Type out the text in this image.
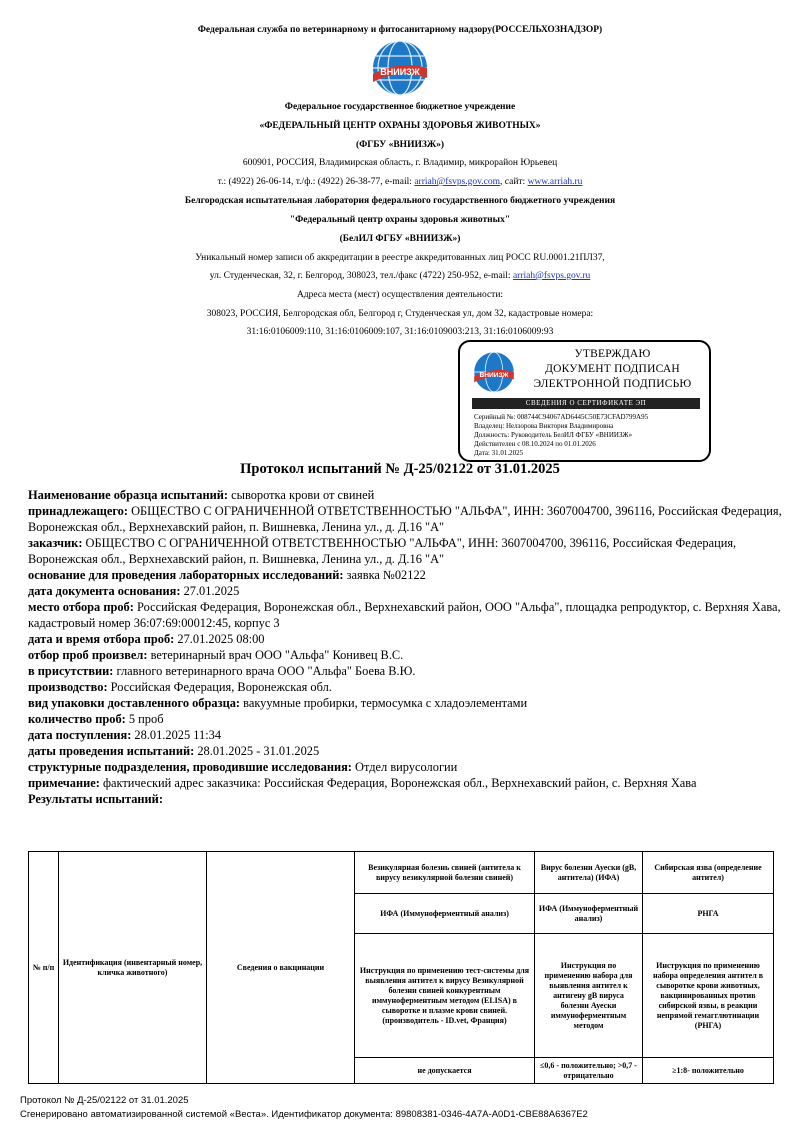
Федеральная служба по ветеринарному и фитосанитарному надзору(РОССЕЛЬХОЗНАДЗОР)
ВНИИЗЖ
Федеральное государственное бюджетное учреждение
«ФЕДЕРАЛЬНЫЙ ЦЕНТР ОХРАНЫ ЗДОРОВЬЯ ЖИВОТНЫХ»
(ФГБУ «ВНИИЗЖ»)
600901, РОССИЯ, Владимирская область, г. Владимир, микрорайон Юрьевец
т.: (4922) 26-06-14, т./ф.: (4922) 26-38-77, e-mail: arriah@fsvps.gov.com, сайт: www.arriah.ru
Белгородская испытательная лаборатория федерального государственного бюджетного учреждения
"Федеральный центр охраны здоровья животных"
(БелИЛ ФГБУ «ВНИИЗЖ»)
Уникальный номер записи об аккредитации в реестре аккредитованных лиц РОСС RU.0001.21ПЛ37,
ул. Студенческая, 32, г. Белгород, 308023, тел./факс (4722) 250-952, e-mail: arriah@fsvps.gov.ru
Адреса места (мест) осуществления деятельности:
308023, РОССИЯ, Белгородская обл, Белгород г, Студенческая ул, дом 32, кадастровые номера:
31:16:0106009:110, 31:16:0106009:107, 31:16:0109003:213, 31:16:0106009:93
ВНИИЗЖ
УТВЕРЖДАЮ
ДОКУМЕНТ ПОДПИСАН
ЭЛЕКТРОННОЙ ПОДПИСЬЮ
СВЕДЕНИЯ О СЕРТИФИКАТЕ ЭП
Серийный №: 008744C94067AD6445C50E73CFAD799A95
Владелец: Нелзорова Виктория Владимировна
Должность: Руководитель БелИЛ ФГБУ «ВНИИЗЖ»
Действителен с 08.10.2024 по 01.01.2026
Дата: 31.01.2025
Протокол испытаний № Д-25/02122 от 31.01.2025
Наименование образца испытаний: сыворотка крови от свиней
принадлежащего: ОБЩЕСТВО С ОГРАНИЧЕННОЙ ОТВЕТСТВЕННОСТЬЮ "АЛЬФА", ИНН: 3607004700, 396116, Российская Федерация, Воронежская обл., Верхнехавский район, п. Вишневка, Ленина ул., д. Д.16 "А"
заказчик: ОБЩЕСТВО С ОГРАНИЧЕННОЙ ОТВЕТСТВЕННОСТЬЮ "АЛЬФА", ИНН: 3607004700, 396116, Российская Федерация, Воронежская обл., Верхнехавский район, п. Вишневка, Ленина ул., д. Д.16 "А"
основание для проведения лабораторных исследований: заявка №02122
дата документа основания: 27.01.2025
место отбора проб: Российская Федерация, Воронежская обл., Верхнехавский район, ООО "Альфа", площадка репродуктор, с. Верхняя Хава, кадастровый номер 36:07:69:00012:45, корпус 3
дата и время отбора проб: 27.01.2025 08:00
отбор проб произвел: ветеринарный врач ООО "Альфа" Конивец В.С.
в присутствии: главного ветеринарного врача ООО "Альфа" Боева В.Ю.
производство: Российская Федерация, Воронежская обл.
вид упаковки доставленного образца: вакуумные пробирки, термосумка с хладоэлементами
количество проб: 5 проб
дата поступления: 28.01.2025 11:34
даты проведения испытаний: 28.01.2025 - 31.01.2025
структурные подразделения, проводившие исследования: Отдел вирусологии
примечание: фактический адрес заказчика: Российская Федерация, Воронежская обл., Верхнехавский район, с. Верхняя Хава
Результаты испытаний:
№ п/п	Идентификация (инвентарный номер, кличка животного)	Сведения о вакцинации	Везикулярная болезнь свиней (антитела к вирусу везикулярной болезни свиней)	Вирус болезни Ауески (gB, антитела) (ИФА)	Сибирская язва (определение антител)
			ИФА (Иммуноферментный анализ)	ИФА (Иммуноферментный анализ)	РНГА
			Инструкция по применению тест-системы для выявления антител к вирусу Везикулярной болезни свиней конкурентным иммуноферментным методом (ELISA) в сыворотке и плазме крови свиней. (производитель - ID.vet, Франция)	Инструкция по применению набора для выявления антител к антигену gB вируса болезни Ауески иммуноферментным методом	Инструкция по применению набора определения антител в сыворотке крови животных, вакцинированных против сибирской язвы, в реакции непрямой гемагглютинации (РНГА)
			не допускается	≤0,6 - положительно; >0,7 - отрицательно	≥1:8- положительно
Протокол № Д-25/02122 от 31.01.2025
Сгенерировано автоматизированной системой «Веста». Идентификатор документа: 89808381-0346-4A7A-A0D1-CBE88A6367E2
